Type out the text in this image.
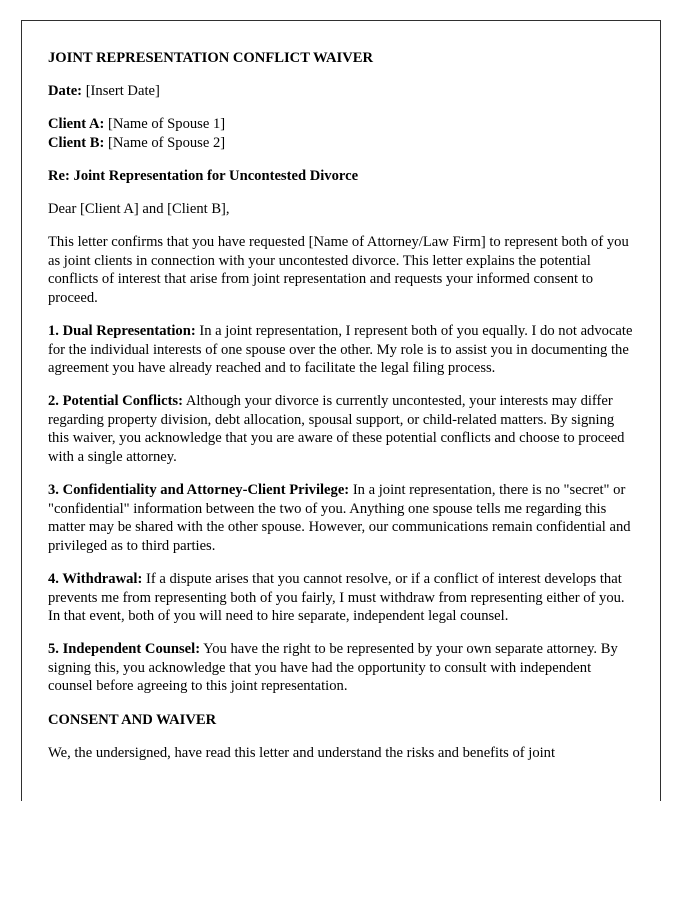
JOINT REPRESENTATION CONFLICT WAIVER

Date: [Insert Date]

Client A: [Name of Spouse 1]
Client B: [Name of Spouse 2]

Re: Joint Representation for Uncontested Divorce

Dear [Client A] and [Client B],

This letter confirms that you have requested [Name of Attorney/Law Firm] to represent both of you as joint clients in connection with your uncontested divorce. This letter explains the potential conflicts of interest that arise from joint representation and requests your informed consent to proceed.

1. Dual Representation: In a joint representation, I represent both of you equally. I do not advocate for the individual interests of one spouse over the other. My role is to assist you in documenting the agreement you have already reached and to facilitate the legal filing process.

2. Potential Conflicts: Although your divorce is currently uncontested, your interests may differ regarding property division, debt allocation, spousal support, or child-related matters. By signing this waiver, you acknowledge that you are aware of these potential conflicts and choose to proceed with a single attorney.

3. Confidentiality and Attorney-Client Privilege: In a joint representation, there is no "secret" or "confidential" information between the two of you. Anything one spouse tells me regarding this matter may be shared with the other spouse. However, our communications remain confidential and privileged as to third parties.

4. Withdrawal: If a dispute arises that you cannot resolve, or if a conflict of interest develops that prevents me from representing both of you fairly, I must withdraw from representing either of you. In that event, both of you will need to hire separate, independent legal counsel.

5. Independent Counsel: You have the right to be represented by your own separate attorney. By signing this, you acknowledge that you have had the opportunity to consult with independent counsel before agreeing to this joint representation.

CONSENT AND WAIVER

We, the undersigned, have read this letter and understand the risks and benefits of joint
